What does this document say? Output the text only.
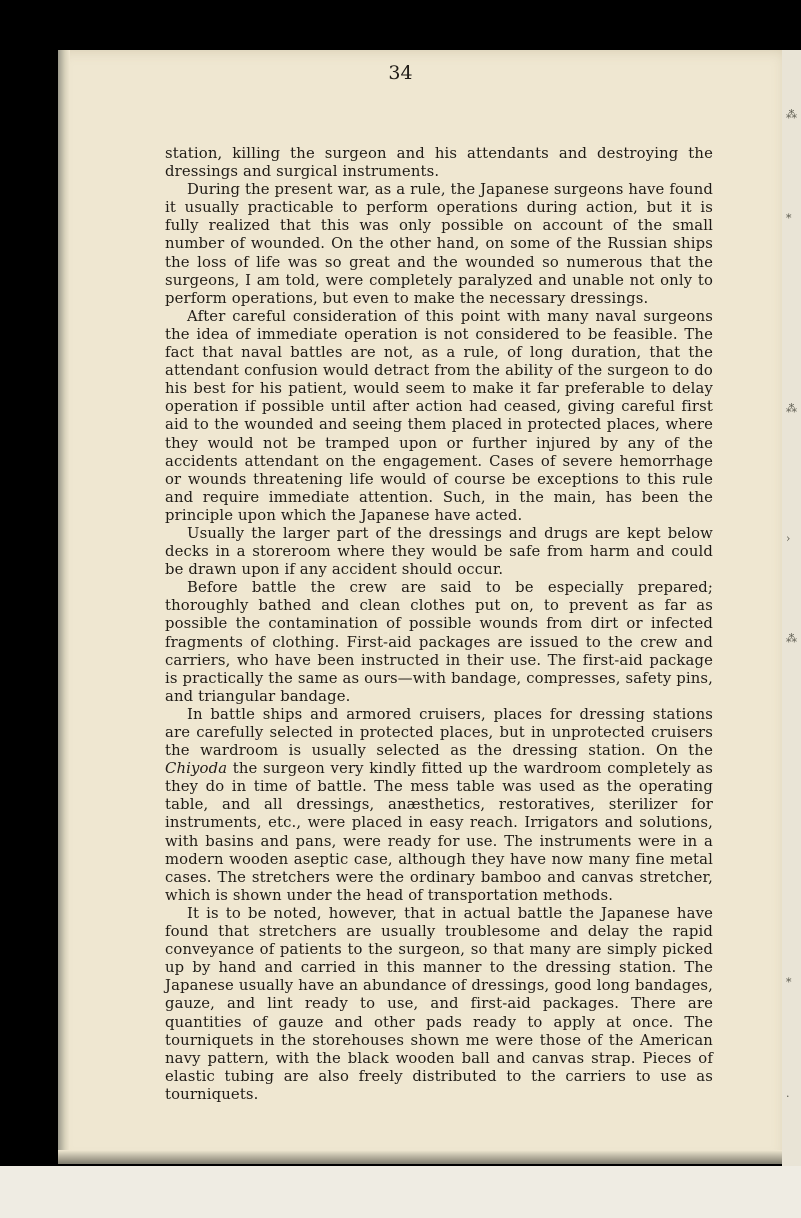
⁂
⁎
⁂
›
⁂
⁎
·
34

station, killing the surgeon and his attendants and destroying the dressings and surgical instruments.

During the present war, as a rule, the Japanese surgeons have found it usually practicable to perform operations during action, but it is fully realized that this was only possible on account of the small number of wounded. On the other hand, on some of the Russian ships the loss of life was so great and the wounded so numerous that the surgeons, I am told, were completely paralyzed and unable not only to perform operations, but even to make the necessary dressings.

After careful consideration of this point with many naval surgeons the idea of immediate operation is not considered to be feasible. The fact that naval battles are not, as a rule, of long duration, that the attendant confusion would detract from the ability of the surgeon to do his best for his patient, would seem to make it far preferable to delay operation if possible until after action had ceased, giving careful first aid to the wounded and seeing them placed in protected places, where they would not be tramped upon or further injured by any of the accidents attendant on the engagement. Cases of severe hemorrhage or wounds threatening life would of course be exceptions to this rule and require immediate attention. Such, in the main, has been the principle upon which the Japanese have acted.

Usually the larger part of the dressings and drugs are kept below decks in a storeroom where they would be safe from harm and could be drawn upon if any accident should occur.

Before battle the crew are said to be especially prepared; thoroughly bathed and clean clothes put on, to prevent as far as possible the contamination of possible wounds from dirt or infected fragments of clothing. First-aid packages are issued to the crew and carriers, who have been instructed in their use. The first-aid package is practically the same as ours—with bandage, compresses, safety pins, and triangular bandage.

In battle ships and armored cruisers, places for dressing stations are carefully selected in protected places, but in unprotected cruisers the wardroom is usually selected as the dressing station. On the Chiyoda the surgeon very kindly fitted up the wardroom completely as they do in time of battle. The mess table was used as the operating table, and all dressings, anæsthetics, restoratives, sterilizer for instruments, etc., were placed in easy reach. Irrigators and solutions, with basins and pans, were ready for use. The instruments were in a modern wooden aseptic case, although they have now many fine metal cases. The stretchers were the ordinary bamboo and canvas stretcher, which is shown under the head of transportation methods.

It is to be noted, however, that in actual battle the Japanese have found that stretchers are usually troublesome and delay the rapid conveyance of patients to the surgeon, so that many are simply picked up by hand and carried in this manner to the dressing station. The Japanese usually have an abundance of dressings, good long bandages, gauze, and lint ready to use, and first-aid packages. There are quantities of gauze and other pads ready to apply at once. The tourniquets in the storehouses shown me were those of the American navy pattern, with the black wooden ball and canvas strap. Pieces of elastic tubing are also freely distributed to the carriers to use as tourniquets.
